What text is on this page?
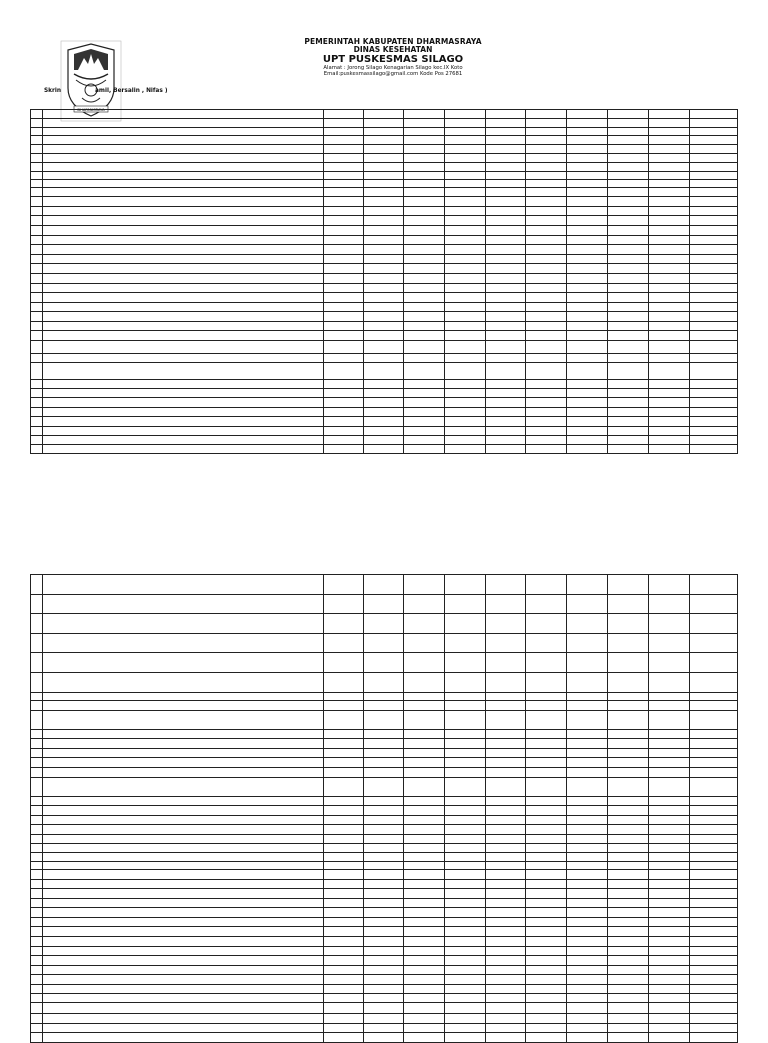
DHARMASRAYA
PEMERINTAH KABUPATEN DHARMASRAYA
DINAS KESEHATAN
UPT PUSKESMAS SILAGO
Alamat : Jorong Silago Kenagarian Silago kec.IX Koto
Email:puskesmassilago@gmail.com Kode Pos 27681
Skrin	amil, Bersalin , Nifas )
